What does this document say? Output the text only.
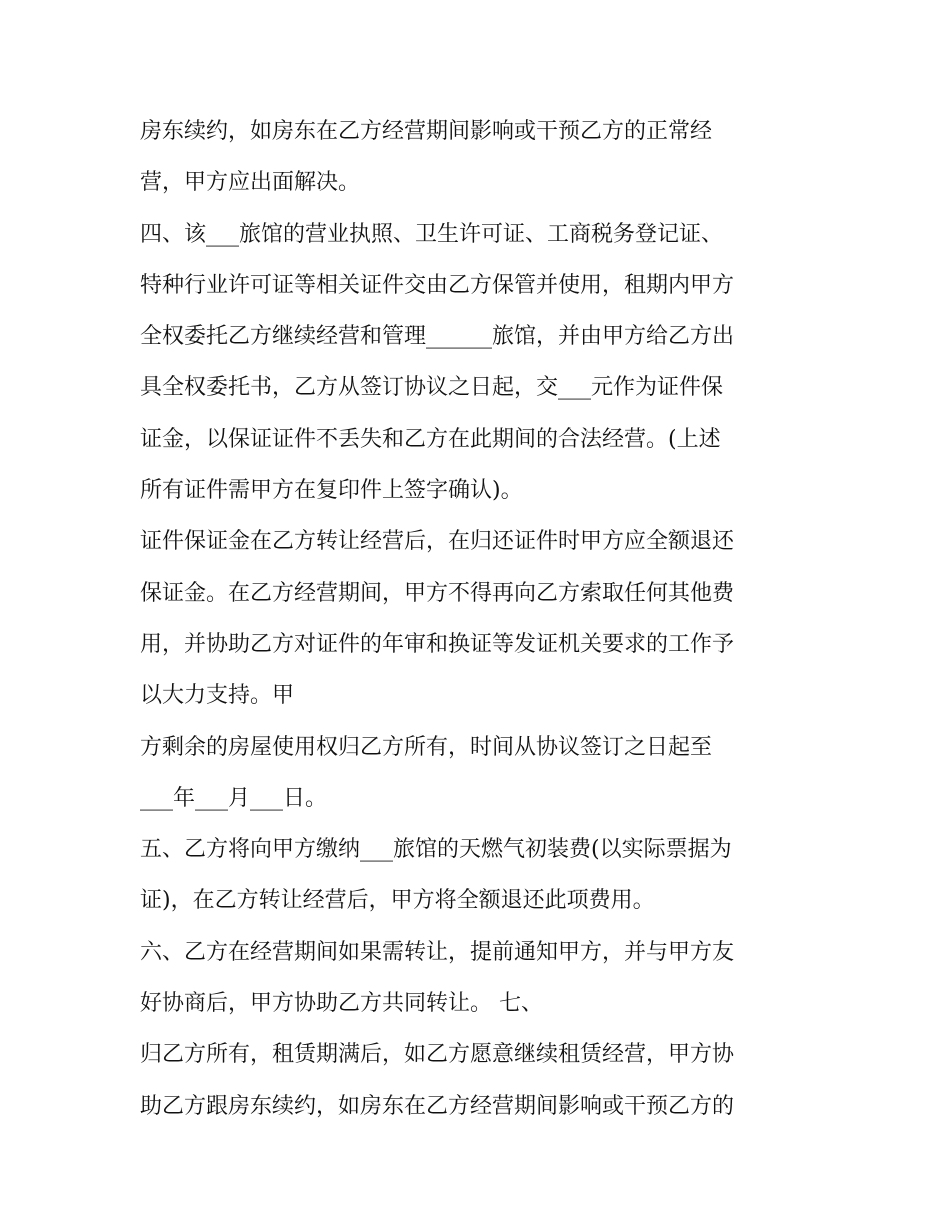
房东续约，如房东在乙方经营期间影响或干预乙方的正常经
营，甲方应出面解决。
四、该___旅馆的营业执照、卫生许可证、工商税务登记证、
特种行业许可证等相关证件交由乙方保管并使用，租期内甲方
全权委托乙方继续经营和管理______旅馆，并由甲方给乙方出
具全权委托书，乙方从签订协议之日起，交___元作为证件保
证金，以保证证件不丢失和乙方在此期间的合法经营。(上述
所有证件需甲方在复印件上签字确认)。
证件保证金在乙方转让经营后，在归还证件时甲方应全额退还
保证金。在乙方经营期间，甲方不得再向乙方索取任何其他费
用，并协助乙方对证件的年审和换证等发证机关要求的工作予
以大力支持。甲
方剩余的房屋使用权归乙方所有，时间从协议签订之日起至
___年___月___日。
五、乙方将向甲方缴纳___旅馆的天燃气初装费(以实际票据为
证)，在乙方转让经营后，甲方将全额退还此项费用。
六、乙方在经营期间如果需转让，提前通知甲方，并与甲方友
好协商后，甲方协助乙方共同转让。 七、
归乙方所有，租赁期满后，如乙方愿意继续租赁经营，甲方协
助乙方跟房东续约，如房东在乙方经营期间影响或干预乙方的
